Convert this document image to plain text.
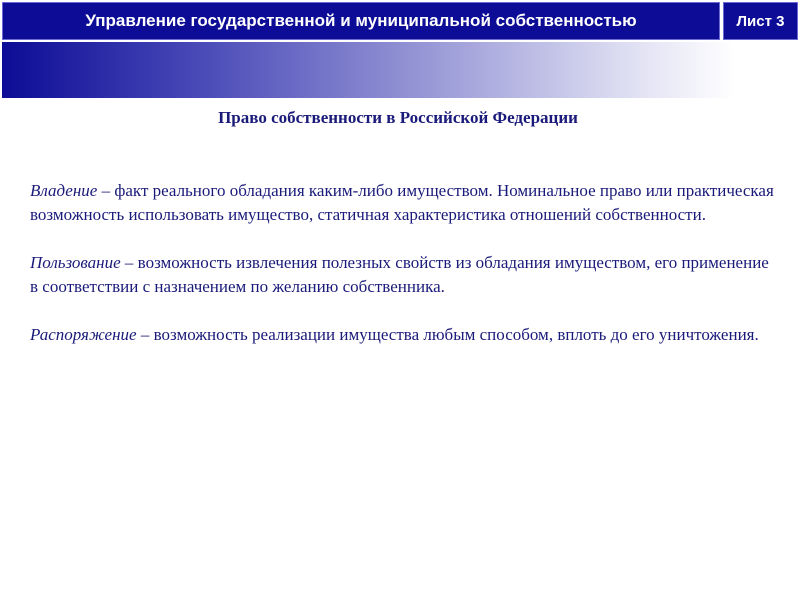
Управление государственной и муниципальной собственностью	Лист 3
Право собственности в Российской Федерации

Владение – факт реального обладания каким-либо имуществом. Номинальное право или практическая возможность использовать имущество, статичная характеристика отношений собственности.

Пользование – возможность извлечения полезных свойств из обладания имуществом, его применение в соответствии с назначением по желанию собственника.

Распоряжение – возможность реализации имущества любым способом, вплоть до его уничтожения.
